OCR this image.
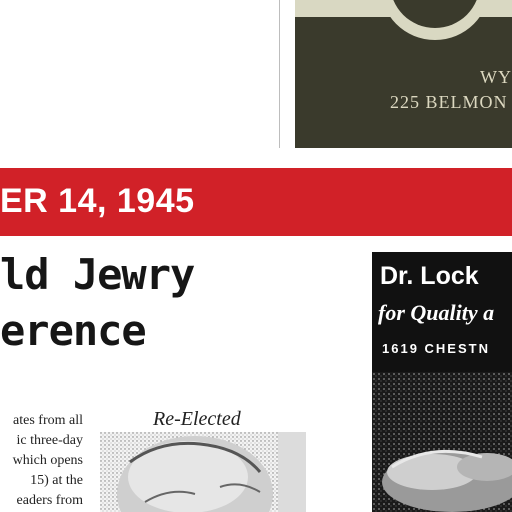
WY
225 BELMON
ER 14, 1945
ld Jewry
erence
ates from all
ic three-day
which opens
15) at the
eaders from
Re-Elected
Dr. Lock
for Quality a
1619 CHESTN
